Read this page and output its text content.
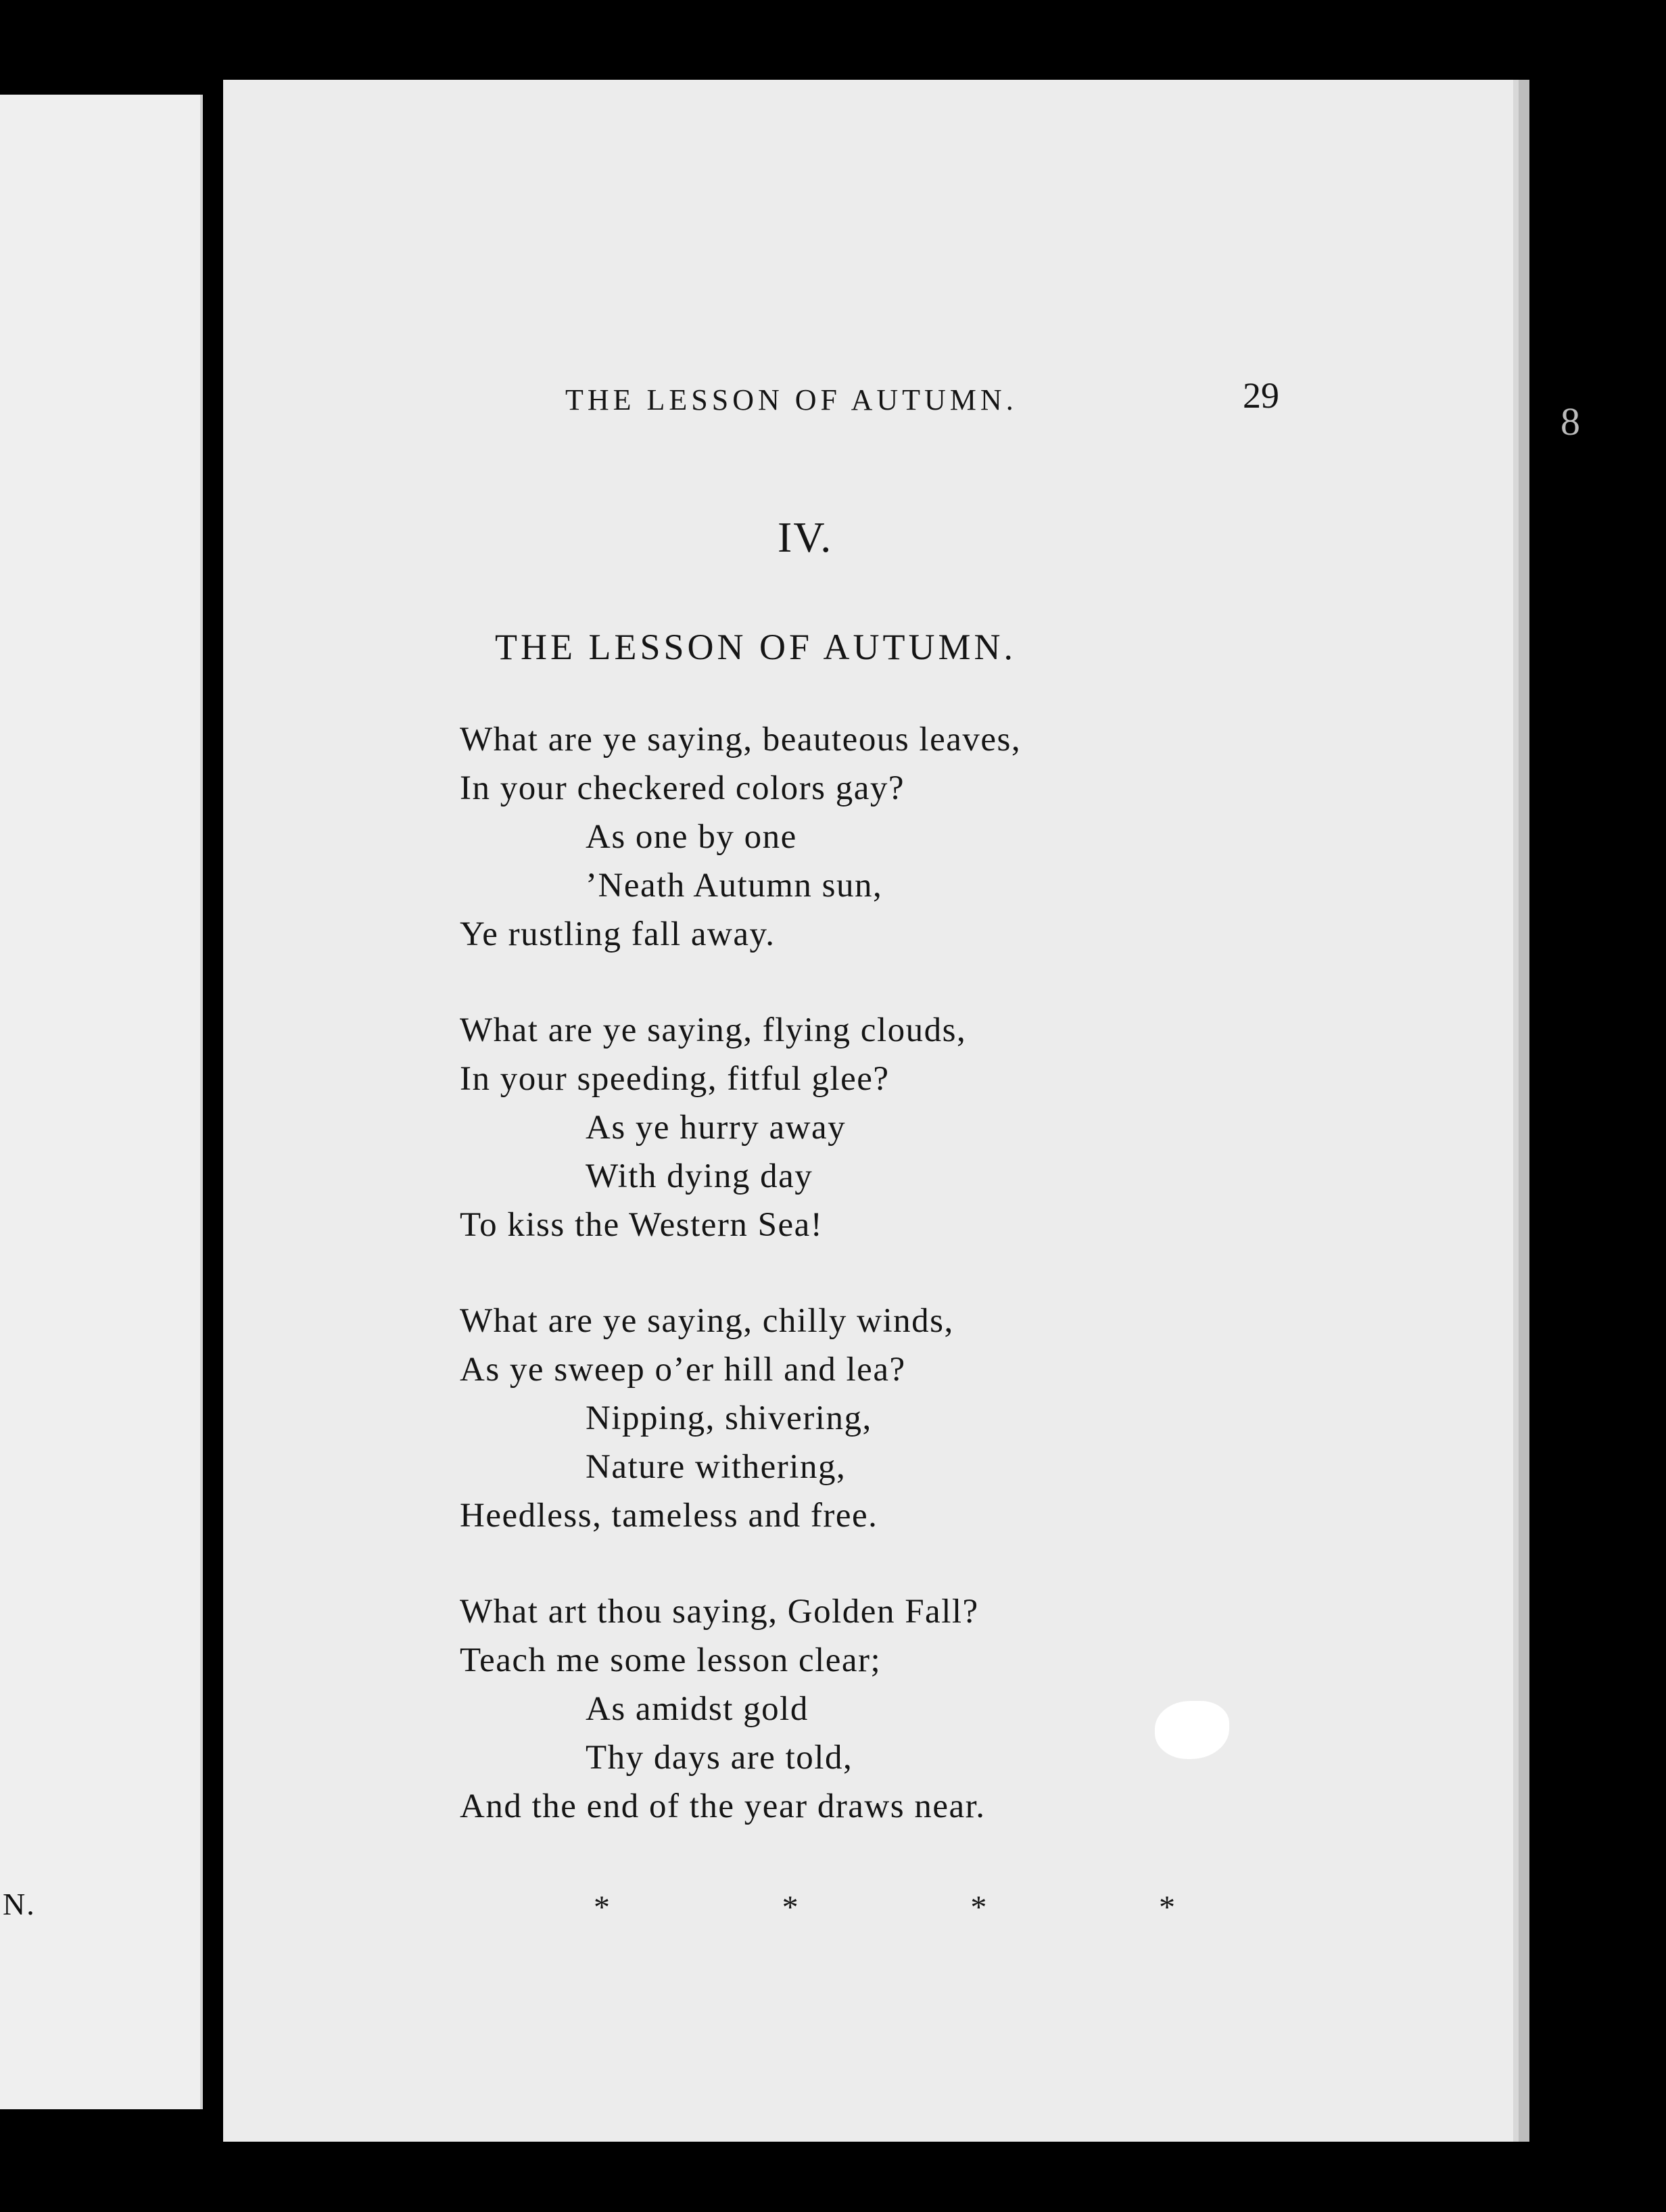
N.
8
THE LESSON OF AUTUMN.	29
IV.
THE LESSON OF AUTUMN.
What are ye saying, beauteous leaves,
In your checkered colors gay?
As one by one
’Neath Autumn sun,
Ye rustling fall away.
What are ye saying, flying clouds,
In your speeding, fitful glee?
As ye hurry away
With dying day
To kiss the Western Sea!
What are ye saying, chilly winds,
As ye sweep o’er hill and lea?
Nipping, shivering,
Nature withering,
Heedless, tameless and free.
What art thou saying, Golden Fall?
Teach me some lesson clear;
As amidst gold
Thy days are told,
And the end of the year draws near.
*	*	*	*
